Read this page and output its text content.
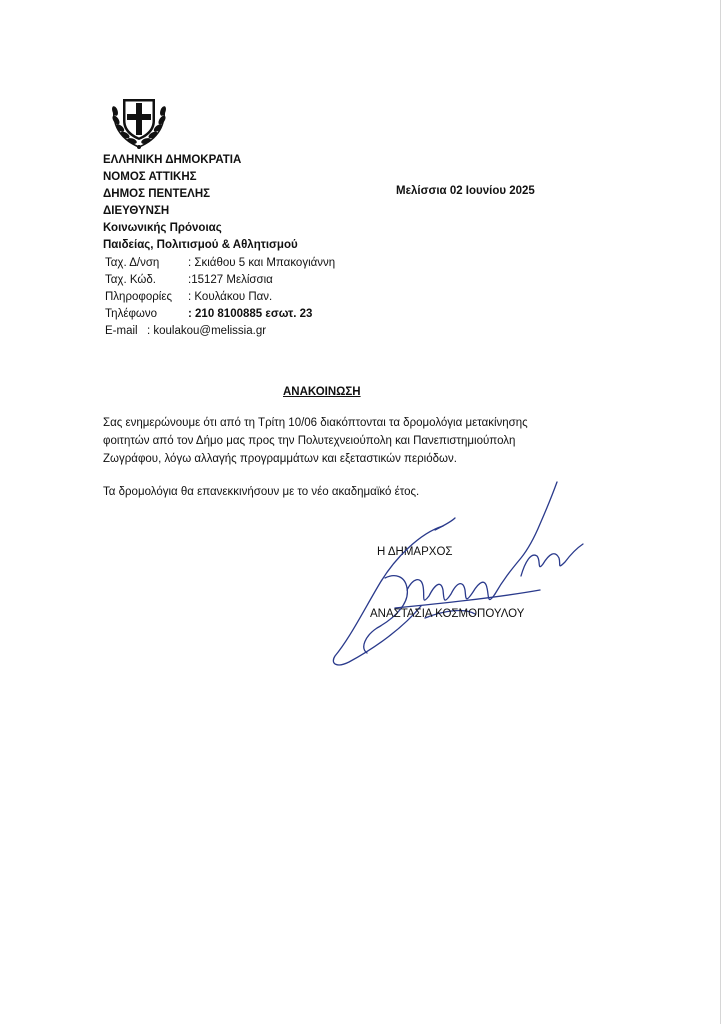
ΕΛΛΗΝΙΚΗ ΔΗΜΟΚΡΑΤΙΑ
ΝΟΜΟΣ ΑΤΤΙΚΗΣ
ΔΗΜΟΣ ΠΕΝΤΕΛΗΣ
ΔΙΕΥΘΥΝΣΗ
Κοινωνικής Πρόνοιας
Παιδείας, Πολιτισμού & Αθλητισμού
Μελίσσια 02 Ιουνίου 2025
Ταχ. Δ/νση : Σκιάθου 5 και Μπακογιάννη
Ταχ. Κώδ.	:15127 Μελίσσια
Πληροφορίες : Κουλάκου Παν.
Τηλέφωνο	: 210 8100885 εσωτ. 23
E-mail : koulakou@melissia.gr
ΑΝΑΚΟΙΝΩΣΗ
Σας ενημερώνουμε ότι από τη Τρίτη 10/06 διακόπτονται τα δρομολόγια μετακίνησης
φοιτητών από τον Δήμο μας προς την Πολυτεχνειούπολη και Πανεπιστημιούπολη
Ζωγράφου, λόγω αλλαγής προγραμμάτων και εξεταστικών περιόδων.
Τα δρομολόγια θα επανεκκινήσουν με το νέο ακαδημαϊκό έτος.
Η ΔΗΜΑΡΧΟΣ
ΑΝΑΣΤΑΣΙΑ ΚΟΣΜΟΠΟΥΛΟΥ
